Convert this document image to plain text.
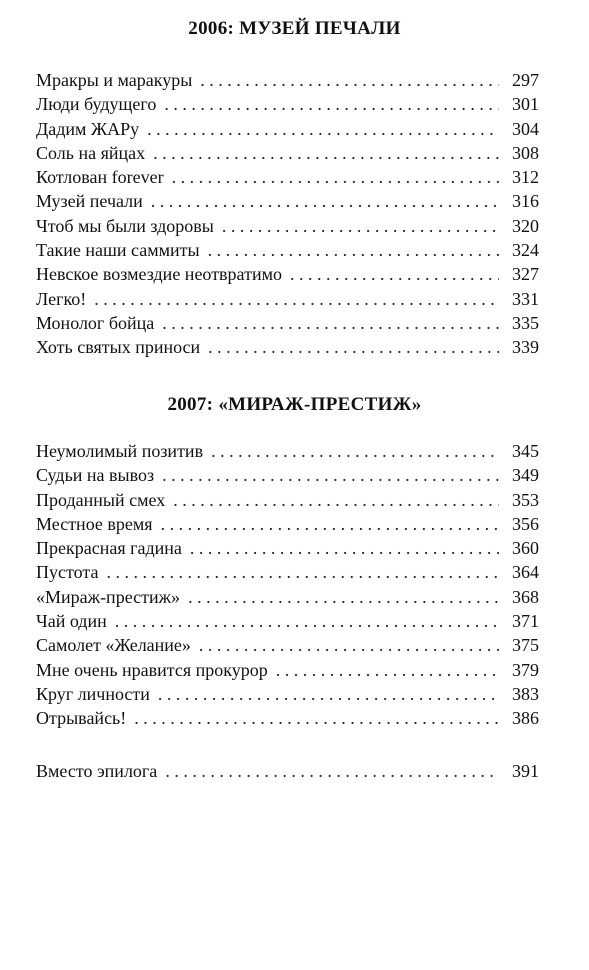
2006: МУЗЕЙ ПЕЧАЛИ
Мракры и маракуры . . .	297
Люди будущего . . .	301
Дадим ЖАРу . . .	304
Соль на яйцах . . .	308
Котлован forever . . .	312
Музей печали . . .	316
Чтоб мы были здоровы . . .	320
Такие наши саммиты . . .	324
Невское возмездие неотвратимо . . .	327
Легко! . . .	331
Монолог бойца . . .	335
Хоть святых приноси . . .	339
2007: «МИРАЖ-ПРЕСТИЖ»
Неумолимый позитив . . .	345
Судьи на вывоз . . .	349
Проданный смех . . .	353
Местное время . . .	356
Прекрасная гадина . . .	360
Пустота . . .	364
«Мираж-престиж» . . .	368
Чай один . . .	371
Самолет «Желание» . . .	375
Мне очень нравится прокурор . . .	379
Круг личности . . .	383
Отрывайсь! . . .	386
Вместо эпилога . . .	391
